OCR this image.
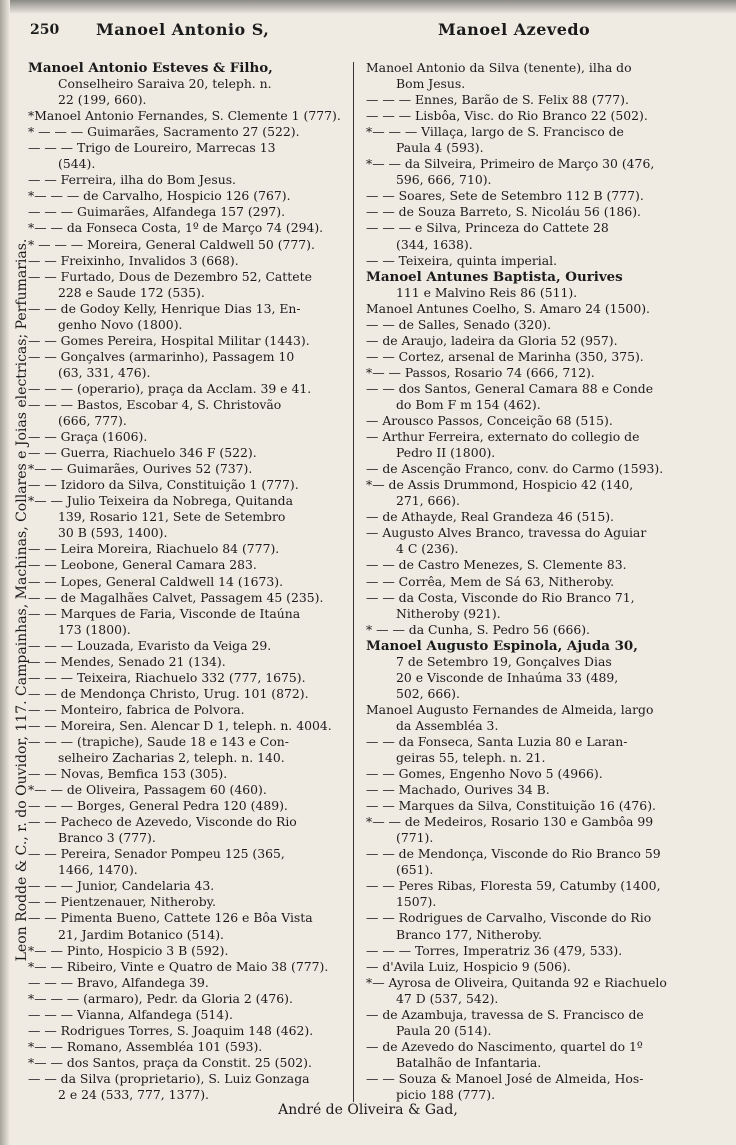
250 Manoel Antonio S,	Manoel Azevedo
Leon Rodde & C., r. do Ouvidor, 117. Campainhas, Machinas, Collares e Joias electricas; Perfumarias.
Manoel Antonio Esteves & Filho,
Conselheiro Saraiva 20, teleph. n.
22 (199, 660).
*Manoel Antonio Fernandes, S. Clemente 1 (777).
* — — — Guimarães, Sacramento 27 (522).
— — — Trigo de Loureiro, Marrecas 13
(544).
— — Ferreira, ilha do Bom Jesus.
*— — — de Carvalho, Hospicio 126 (767).
— — — Guimarães, Alfandega 157 (297).
*— — da Fonseca Costa, 1º de Março 74 (294).
* — — — Moreira, General Caldwell 50 (777).
— — Freixinho, Invalidos 3 (668).
— — Furtado, Dous de Dezembro 52, Cattete
228 e Saude 172 (535).
— — de Godoy Kelly, Henrique Dias 13, En-
genho Novo (1800).
— — Gomes Pereira, Hospital Militar (1443).
— — Gonçalves (armarinho), Passagem 10
(63, 331, 476).
— — — (operario), praça da Acclam. 39 e 41.
— — — Bastos, Escobar 4, S. Christovão
(666, 777).
— — Graça (1606).
— — Guerra, Riachuelo 346 F (522).
*— — Guimarães, Ourives 52 (737).
— — Izidoro da Silva, Constituição 1 (777).
*— — Julio Teixeira da Nobrega, Quitanda
139, Rosario 121, Sete de Setembro
30 B (593, 1400).
— — Leira Moreira, Riachuelo 84 (777).
— — Leobone, General Camara 283.
— — Lopes, General Caldwell 14 (1673).
— — de Magalhães Calvet, Passagem 45 (235).
— — Marques de Faria, Visconde de Itaúna
173 (1800).
— — — Louzada, Evaristo da Veiga 29.
— — Mendes, Senado 21 (134).
— — — Teixeira, Riachuelo 332 (777, 1675).
— — de Mendonça Christo, Urug. 101 (872).
— — Monteiro, fabrica de Polvora.
— — Moreira, Sen. Alencar D 1, teleph. n. 4004.
— — — (trapiche), Saude 18 e 143 e Con-
selheiro Zacharias 2, teleph. n. 140.
— — Novas, Bemfica 153 (305).
*— — de Oliveira, Passagem 60 (460).
— — — Borges, General Pedra 120 (489).
— — Pacheco de Azevedo, Visconde do Rio
Branco 3 (777).
— — Pereira, Senador Pompeu 125 (365,
1466, 1470).
— — — Junior, Candelaria 43.
— — Pientzenauer, Nitheroby.
— — Pimenta Bueno, Cattete 126 e Bôa Vista
21, Jardim Botanico (514).
*— — Pinto, Hospicio 3 B (592).
*— — Ribeiro, Vinte e Quatro de Maio 38 (777).
— — — Bravo, Alfandega 39.
*— — — (armaro), Pedr. da Gloria 2 (476).
— — — Vianna, Alfandega (514).
— — Rodrigues Torres, S. Joaquim 148 (462).
*— — Romano, Assembléa 101 (593).
*— — dos Santos, praça da Constit. 25 (502).
— — da Silva (proprietario), S. Luiz Gonzaga
2 e 24 (533, 777, 1377).
Manoel Antonio da Silva (tenente), ilha do
Bom Jesus.
— — — Ennes, Barão de S. Felix 88 (777).
— — — Lisbôa, Visc. do Rio Branco 22 (502).
*— — — Villaça, largo de S. Francisco de
Paula 4 (593).
*— — da Silveira, Primeiro de Março 30 (476,
596, 666, 710).
— — Soares, Sete de Setembro 112 B (777).
— — de Souza Barreto, S. Nicoláu 56 (186).
— — — e Silva, Princeza do Cattete 28
(344, 1638).
— — Teixeira, quinta imperial.
Manoel Antunes Baptista, Ourives
111 e Malvino Reis 86 (511).
Manoel Antunes Coelho, S. Amaro 24 (1500).
— — de Salles, Senado (320).
— de Araujo, ladeira da Gloria 52 (957).
— — Cortez, arsenal de Marinha (350, 375).
*— — Passos, Rosario 74 (666, 712).
— — dos Santos, General Camara 88 e Conde
do Bom F m 154 (462).
— Arousco Passos, Conceição 68 (515).
— Arthur Ferreira, externato do collegio de
Pedro II (1800).
— de Ascenção Franco, conv. do Carmo (1593).
*— de Assis Drummond, Hospicio 42 (140,
271, 666).
— de Athayde, Real Grandeza 46 (515).
— Augusto Alves Branco, travessa do Aguiar
4 C (236).
— — de Castro Menezes, S. Clemente 83.
— — Corrêa, Mem de Sá 63, Nitheroby.
— — da Costa, Visconde do Rio Branco 71,
Nitheroby (921).
* — — da Cunha, S. Pedro 56 (666).
Manoel Augusto Espinola, Ajuda 30,
7 de Setembro 19, Gonçalves Dias
20 e Visconde de Inhaúma 33 (489,
502, 666).
Manoel Augusto Fernandes de Almeida, largo
da Assembléa 3.
— — da Fonseca, Santa Luzia 80 e Laran-
geiras 55, teleph. n. 21.
— — Gomes, Engenho Novo 5 (4966).
— — Machado, Ourives 34 B.
— — Marques da Silva, Constituição 16 (476).
*— — de Medeiros, Rosario 130 e Gambôa 99
(771).
— — de Mendonça, Visconde do Rio Branco 59
(651).
— — Peres Ribas, Floresta 59, Catumby (1400,
1507).
— — Rodrigues de Carvalho, Visconde do Rio
Branco 177, Nitheroby.
— — — Torres, Imperatriz 36 (479, 533).
— d'Avila Luiz, Hospicio 9 (506).
*— Ayrosa de Oliveira, Quitanda 92 e Riachuelo
47 D (537, 542).
— de Azambuja, travessa de S. Francisco de
Paula 20 (514).
— de Azevedo do Nascimento, quartel do 1º
Batalhão de Infantaria.
— — Souza & Manoel José de Almeida, Hos-
picio 188 (777).
André de Oliveira & Gad,
